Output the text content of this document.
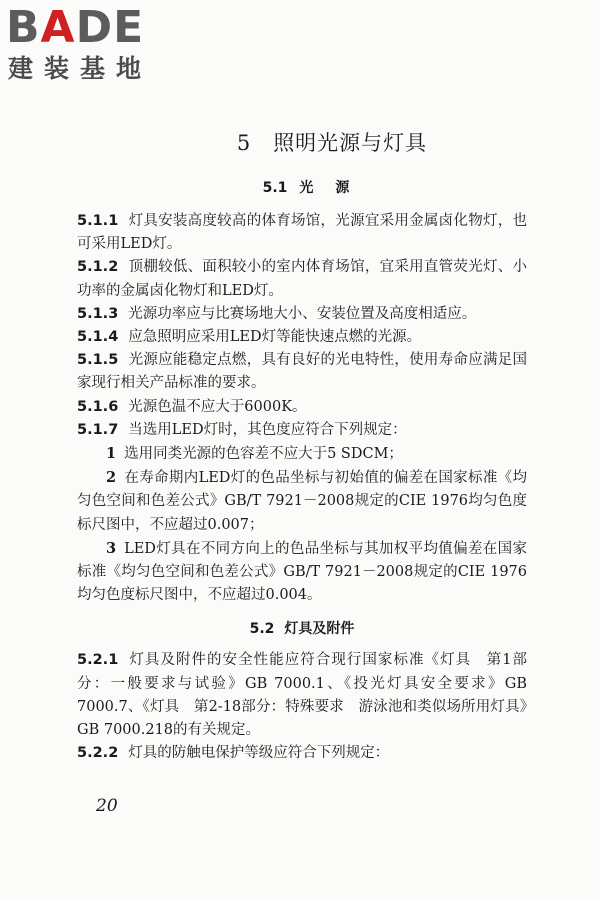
B A D E
建装基地
5 照明光源与灯具
5.1 光源

5.1.1 灯具安装高度较高的体育场馆，光源宜采用金属卤化物灯，也可采用LED灯。

5.1.2 顶棚较低、面积较小的室内体育场馆，宜采用直管荧光灯、小功率的金属卤化物灯和LED灯。

5.1.3 光源功率应与比赛场地大小、安装位置及高度相适应。

5.1.4 应急照明应采用LED灯等能快速点燃的光源。

5.1.5 光源应能稳定点燃，具有良好的光电特性，使用寿命应满足国家现行相关产品标准的要求。

5.1.6 光源色温不应大于6000K。

5.1.7 当选用LED灯时，其色度应符合下列规定：

1 选用同类光源的色容差不应大于5 SDCM；

2 在寿命期内LED灯的色品坐标与初始值的偏差在国家标准《均匀色空间和色差公式》GB/T 7921－2008规定的CIE 1976均匀色度标尺图中，不应超过0.007；

3 LED灯具在不同方向上的色品坐标与其加权平均值偏差在国家标准《均匀色空间和色差公式》GB/T 7921－2008规定的CIE 1976均匀色度标尺图中，不应超过0.004。

5.2 灯具及附件

5.2.1 灯具及附件的安全性能应符合现行国家标准《灯具　第1部分：一般要求与试验》GB 7000.1、《投光灯具安全要求》GB 7000.7、《灯具　第2-18部分：特殊要求　游泳池和类似场所用灯具》GB 7000.218的有关规定。

5.2.2 灯具的防触电保护等级应符合下列规定：

20
